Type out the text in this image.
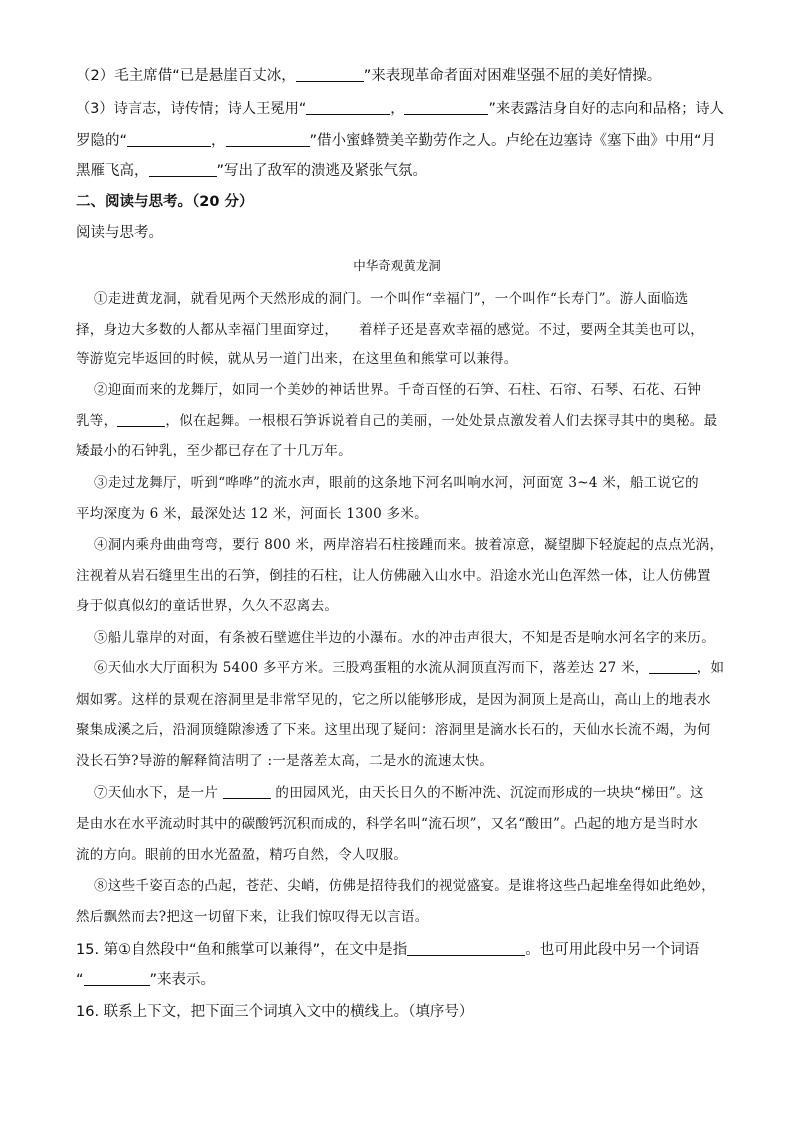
（2）毛主席借“已是悬崖百丈冰，	”来表现革命者面对困难坚强不屈的美好情操。
（3）诗言志，诗传情；诗人王冕用“	，	”来表露洁身自好的志向和品格；诗人
罗隐的“	，	”借小蜜蜂赞美辛勤劳作之人。卢纶在边塞诗《塞下曲》中用“月
黑雁飞高，	”写出了敌军的溃逃及紧张气氛。
二、阅读与思考。（20 分）
阅读与思考。
中华奇观黄龙洞
①走进黄龙洞，就看见两个天然形成的洞门。一个叫作“幸福门”，一个叫作“长寿门”。游人面临选
择，身边大多数的人都从幸福门里面穿过，　　着样子还是喜欢幸福的感觉。不过，要两全其美也可以，
等游览完毕返回的时候，就从另一道门出来，在这里鱼和熊掌可以兼得。
②迎面而来的龙舞厅，如同一个美妙的神话世界。千奇百怪的石笋、石柱、石帘、石琴、石花、石钟
乳等，	，似在起舞。一根根石笋诉说着自己的美丽，一处处景点激发着人们去探寻其中的奥秘。最
矮最小的石钟乳，至少都已存在了十几万年。
③走过龙舞厅，听到“哗哗”的流水声，眼前的这条地下河名叫响水河，河面宽 3~4 米，船工说它的
平均深度为 6 米，最深处达 12 米，河面长 1300 多米。
④洞内乘舟曲曲弯弯，要行 800 米，两岸溶岩石柱接踵而来。披着凉意，凝望脚下轻旋起的点点光涡，
注视着从岩石缝里生出的石笋，倒挂的石柱，让人仿佛融入山水中。沿途水光山色浑然一体，让人仿佛置
身于似真似幻的童话世界，久久不忍离去。
⑤船儿靠岸的对面，有条被石壁遮住半边的小瀑布。水的冲击声很大，不知是否是响水河名字的来历。
⑥天仙水大厅面积为 5400 多平方米。三股鸡蛋粗的水流从洞顶直泻而下，落差达 27 米，	，如
烟如雾。这样的景观在溶洞里是非常罕见的，它之所以能够形成，是因为洞顶上是高山，高山上的地表水
聚集成溪之后，沿洞顶缝隙渗透了下来。这里出现了疑问：溶洞里是滴水长石的，天仙水长流不竭，为何
没长石笋?导游的解释简洁明了 :一是落差太高，二是水的流速太快。
⑦天仙水下，是一片	的田园风光，由天长日久的不断冲洗、沉淀而形成的一块块“梯田”。这
是由水在水平流动时其中的碳酸钙沉积而成的，科学名叫“流石坝”，又名“酸田”。凸起的地方是当时水
流的方向。眼前的田水光盈盈，精巧自然，令人叹服。
⑧这些千姿百态的凸起，苍茫、尖峭，仿佛是招待我们的视觉盛宴。是谁将这些凸起堆垒得如此绝妙，
然后飘然而去?把这一切留下来，让我们惊叹得无以言语。
15. 第①自然段中“鱼和熊掌可以兼得”，在文中是指	。也可用此段中另一个词语
“	”来表示。
16. 联系上下文，把下面三个词填入文中的横线上。（填序号）
